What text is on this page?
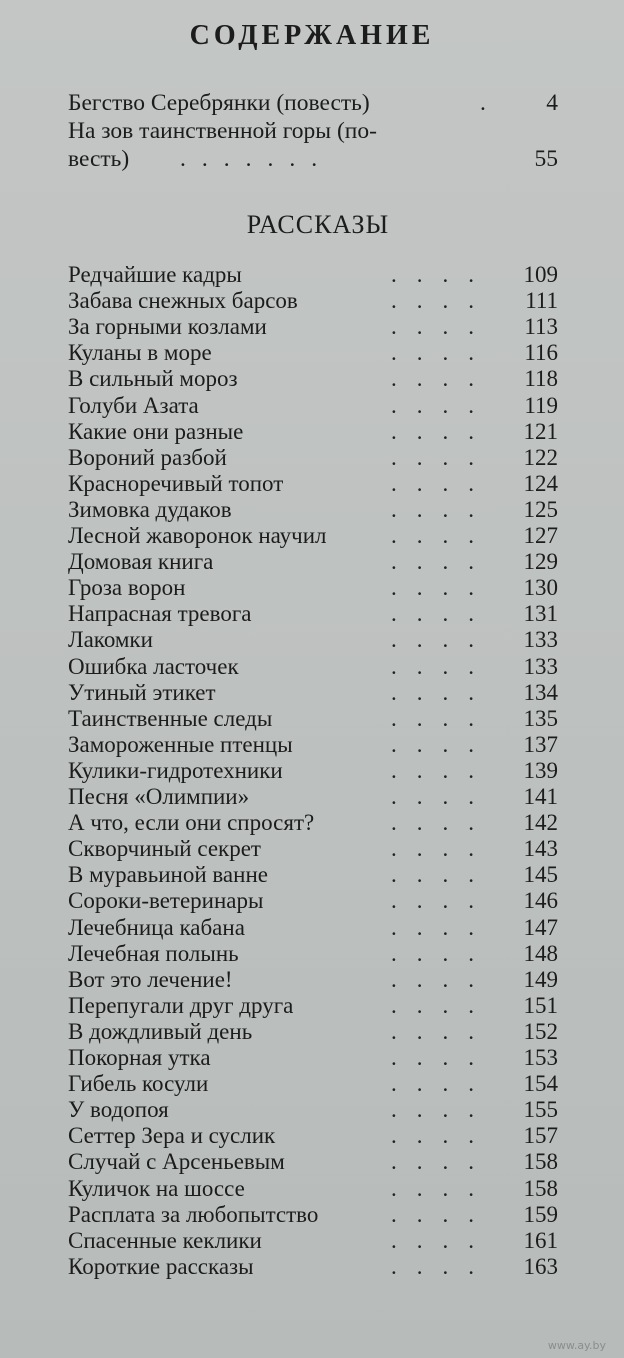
СОДЕРЖАНИЕ
Бегство Серебрянки (повесть)	. 4
На зов таинственной горы (по-
весть) .......	55
РАССКАЗЫ
Редчайшие кадры	.... 109
Забава снежных барсов	.... 111
За горными козлами	.... 113
Куланы в море	.... 116
В сильный мороз	.... 118
Голуби Азата	.... 119
Какие они разные	.... 121
Вороний разбой	.... 122
Красноречивый топот	.... 124
Зимовка дудаков	.... 125
Лесной жаворонок научил	.... 127
Домовая книга	.... 129
Гроза ворон	.... 130
Напрасная тревога	.... 131
Лакомки	.... 133
Ошибка ласточек	.... 133
Утиный этикет	.... 134
Таинственные следы	.... 135
Замороженные птенцы	.... 137
Кулики-гидротехники	.... 139
Песня «Олимпии»	.... 141
А что, если они спросят?	.... 142
Скворчиный секрет	.... 143
В муравьиной ванне	.... 145
Сороки-ветеринары	.... 146
Лечебница кабана	.... 147
Лечебная полынь	.... 148
Вот это лечение!	.... 149
Перепугали друг друга	.... 151
В дождливый день	.... 152
Покорная утка	.... 153
Гибель косули	.... 154
У водопоя	.... 155
Сеттер Зера и суслик	.... 157
Случай с Арсеньевым	.... 158
Куличок на шоссе	.... 158
Расплата за любопытство	.... 159
Спасенные кеклики	.... 161
Короткие рассказы	.... 163
www.ay.by
